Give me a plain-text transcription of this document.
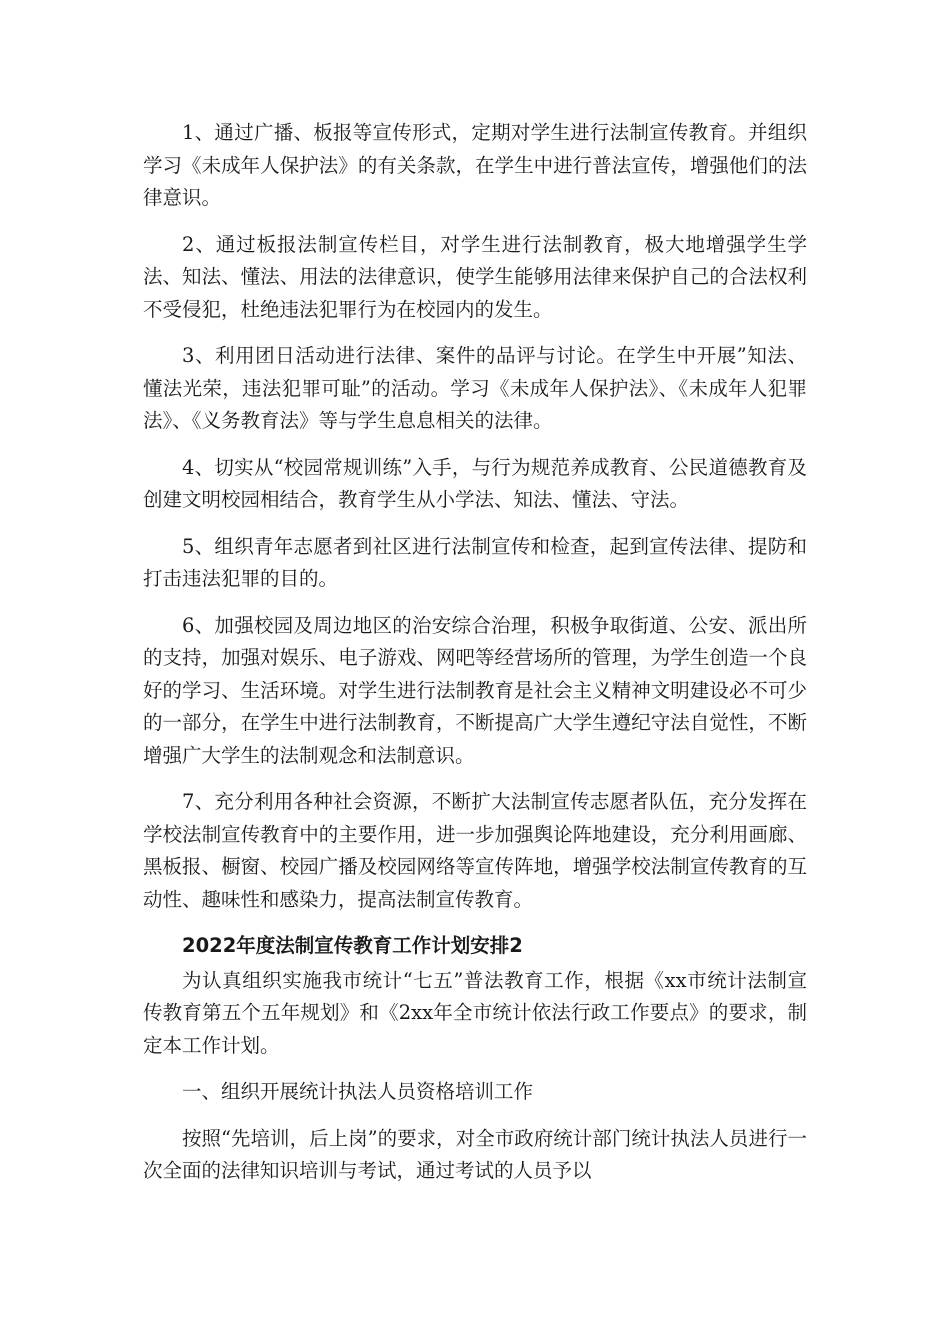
1、通过广播、板报等宣传形式，定期对学生进行法制宣传教育。并组织学习《未成年人保护法》的有关条款，在学生中进行普法宣传，增强他们的法律意识。

2、通过板报法制宣传栏目，对学生进行法制教育，极大地增强学生学法、知法、懂法、用法的法律意识，使学生能够用法律来保护自己的合法权利不受侵犯，杜绝违法犯罪行为在校园内的发生。

3、利用团日活动进行法律、案件的品评与讨论。在学生中开展”知法、懂法光荣，违法犯罪可耻”的活动。学习《未成年人保护法》、《未成年人犯罪法》、《义务教育法》等与学生息息相关的法律。

4、切实从“校园常规训练”入手，与行为规范养成教育、公民道德教育及创建文明校园相结合，教育学生从小学法、知法、懂法、守法。

5、组织青年志愿者到社区进行法制宣传和检查，起到宣传法律、提防和打击违法犯罪的目的。

6、加强校园及周边地区的治安综合治理，积极争取街道、公安、派出所的支持，加强对娱乐、电子游戏、网吧等经营场所的管理，为学生创造一个良好的学习、生活环境。对学生进行法制教育是社会主义精神文明建设必不可少的一部分，在学生中进行法制教育，不断提高广大学生遵纪守法自觉性，不断增强广大学生的法制观念和法制意识。

7、充分利用各种社会资源，不断扩大法制宣传志愿者队伍，充分发挥在学校法制宣传教育中的主要作用，进一步加强舆论阵地建设，充分利用画廊、黑板报、橱窗、校园广播及校园网络等宣传阵地，增强学校法制宣传教育的互动性、趣味性和感染力，提高法制宣传教育。

2022年度法制宣传教育工作计划安排2

为认真组织实施我市统计“七五”普法教育工作，根据《xx市统计法制宣传教育第五个五年规划》和《2xx年全市统计依法行政工作要点》的要求，制定本工作计划。

一、组织开展统计执法人员资格培训工作

按照“先培训，后上岗”的要求，对全市政府统计部门统计执法人员进行一次全面的法律知识培训与考试，通过考试的人员予以
